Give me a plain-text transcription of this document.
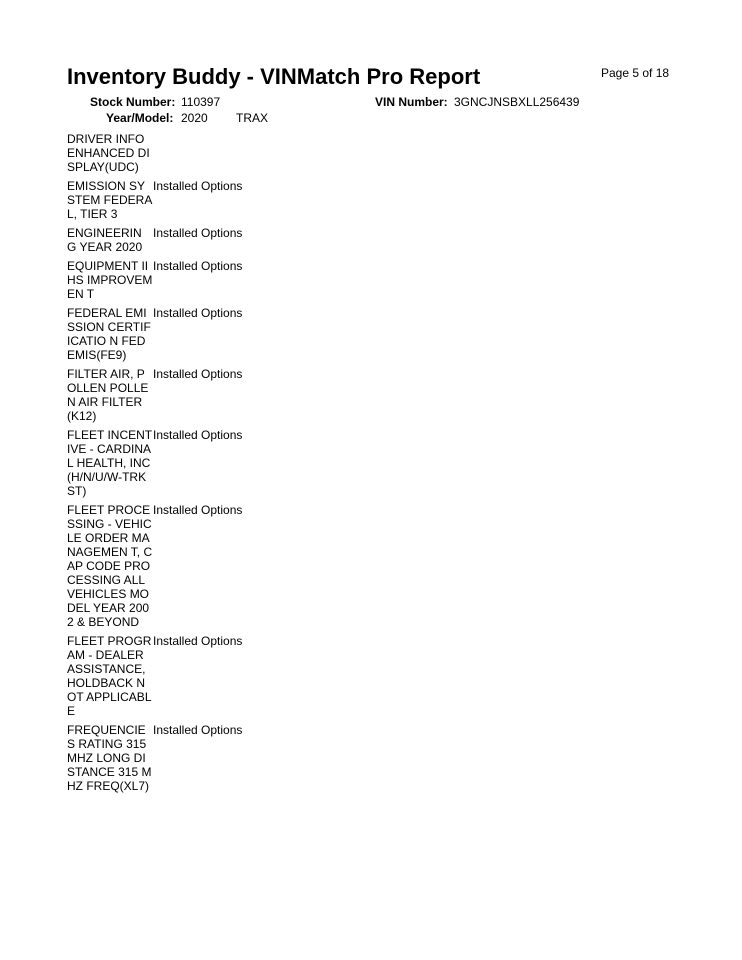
Inventory Buddy - VINMatch Pro Report	Page 5 of 18
Stock Number: 110397	VIN Number: 3GNCJNSBXLL256439
Year/Model: 2020 TRAX
DRIVER INFO ENHANCED DISPLAY(UDC)
EMISSION SYSTEM FEDERAL, TIER 3
Installed Options
ENGINEERIN G YEAR 2020
Installed Options
EQUIPMENT IIHS IMPROVEMEN T
Installed Options
FEDERAL EMISSION CERTIFICATIO N FED EMIS(FE9)
Installed Options
FILTER AIR, POLLEN POLLEN AIR FILTER(K12)
Installed Options
FLEET INCENTIVE - CARDINAL HEALTH, INC (H/N/U/W-TRK ST)
Installed Options
FLEET PROCESSING - VEHICLE ORDER MANAGEMEN T, CAP CODE PROCESSING ALL VEHICLES MODEL YEAR 2002 & BEYOND
Installed Options
FLEET PROGRAM - DEALER ASSISTANCE, HOLDBACK NOT APPLICABLE
Installed Options
FREQUENCIE S RATING 315 MHZ LONG DISTANCE 315 MHZ FREQ(XL7)
Installed Options
